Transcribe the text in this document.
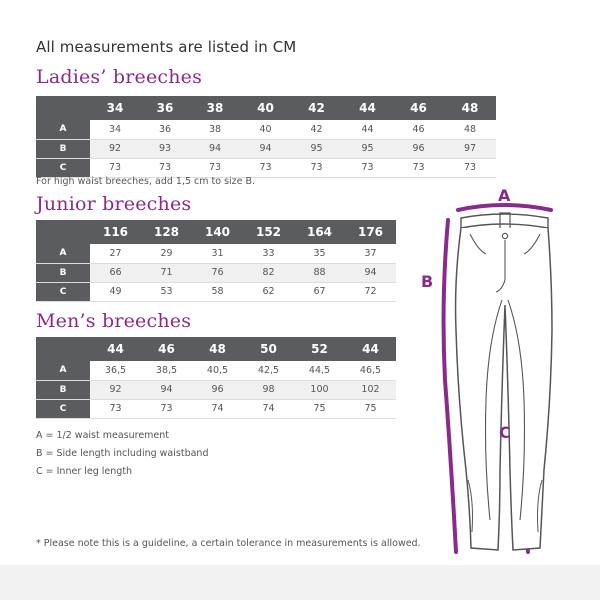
All measurements are listed in CM
Ladies’ breeches
	34	36	38	40	42	44	46	48
A	34	36	38	40	42	44	46	48
B	92	93	94	94	95	95	96	97
C	73	73	73	73	73	73	73	73
For high waist breeches, add 1,5 cm to size B.
Junior breeches
	116	128	140	152	164	176
A	27	29	31	33	35	37
B	66	71	76	82	88	94
C	49	53	58	62	67	72
Men’s breeches
	44	46	48	50	52	44
A	36,5	38,5	40,5	42,5	44,5	46,5
B	92	94	96	98	100	102
C	73	73	74	74	75	75
A = 1/2 waist measurement
B = Side length including waistband
C = Inner leg length
* Please note this is a guideline, a certain tolerance in measurements is allowed.
A
B
C
